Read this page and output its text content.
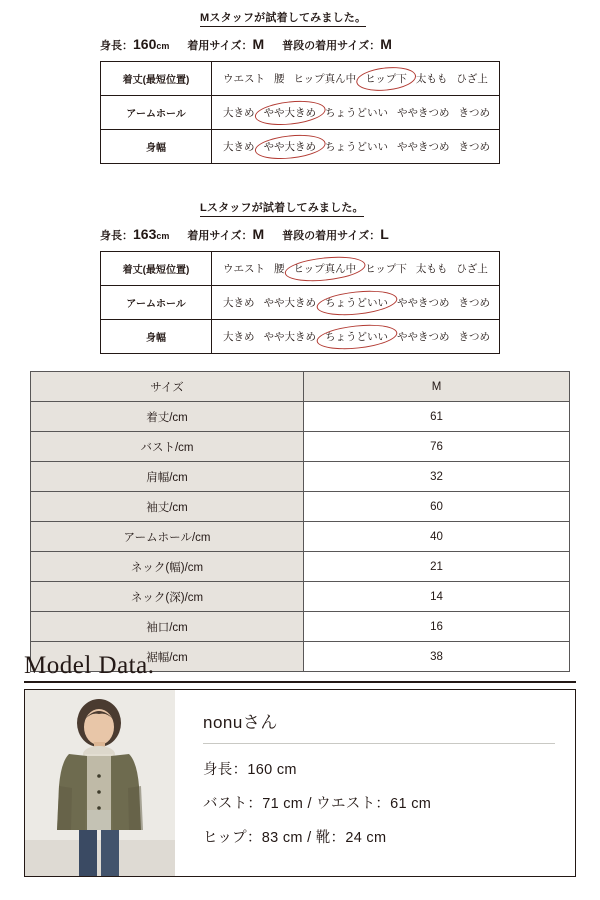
Mスタッフが試着してみました。
身長： 160 cm 着用サイズ： M 普段の着用サイズ： M
着丈(最短位置)	ウエスト 腰 ヒップ真ん中 ヒップ下 太もも ひざ上

アームホール	大きめ やや大きめ ちょうどいい ややきつめ きつめ

身幅	大きめ やや大きめ ちょうどいい ややきつめ きつめ
Lスタッフが試着してみました。
身長： 163 cm 着用サイズ： M 普段の着用サイズ： L
着丈(最短位置)	ウエスト 腰 ヒップ真ん中 ヒップ下 太もも ひざ上

アームホール	大きめ やや大きめ ちょうどいい ややきつめ きつめ

身幅	大きめ やや大きめ ちょうどいい ややきつめ きつめ
サイズ	M
着丈/cm	61
バスト/cm	76
肩幅/cm	32
袖丈/cm	60
アームホール/cm	40
ネック(幅)/cm	21
ネック(深)/cm	14
袖口/cm	16
裾幅/cm	38
Model Data.
nonuさん
身長：160 cm
バスト：71 cm / ウエスト：61 cm
ヒップ：83 cm / 靴：24 cm
